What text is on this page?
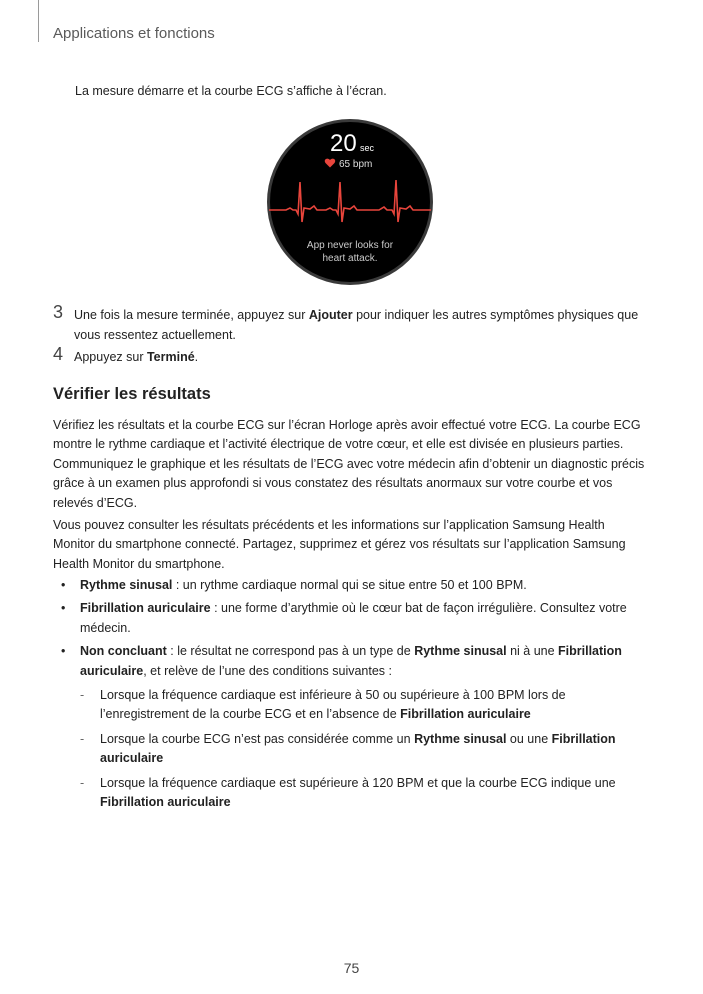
Applications et fonctions
La mesure démarre et la courbe ECG s’affiche à l’écran.
20 sec
65 bpm
App never looks for
heart attack.
3 Une fois la mesure terminée, appuyez sur Ajouter pour indiquer les autres symptômes physiques que vous ressentez actuellement.
4 Appuyez sur Terminé.
Vérifier les résultats
Vérifiez les résultats et la courbe ECG sur l’écran Horloge après avoir effectué votre ECG. La courbe ECG montre le rythme cardiaque et l’activité électrique de votre cœur, et elle est divisée en plusieurs parties. Communiquez le graphique et les résultats de l’ECG avec votre médecin afin d’obtenir un diagnostic précis grâce à un examen plus approfondi si vous constatez des résultats anormaux sur votre courbe et vos relevés d’ECG.
Vous pouvez consulter les résultats précédents et les informations sur l’application Samsung Health Monitor du smartphone connecté. Partagez, supprimez et gérez vos résultats sur l’application Samsung Health Monitor du smartphone.
• Rythme sinusal : un rythme cardiaque normal qui se situe entre 50 et 100 BPM.
• Fibrillation auriculaire : une forme d’arythmie où le cœur bat de façon irrégulière. Consultez votre médecin.
• Non concluant : le résultat ne correspond pas à un type de Rythme sinusal ni à une Fibrillation auriculaire, et relève de l’une des conditions suivantes :
- Lorsque la fréquence cardiaque est inférieure à 50 ou supérieure à 100 BPM lors de l’enregistrement de la courbe ECG et en l’absence de Fibrillation auriculaire
- Lorsque la courbe ECG n’est pas considérée comme un Rythme sinusal ou une Fibrillation auriculaire
- Lorsque la fréquence cardiaque est supérieure à 120 BPM et que la courbe ECG indique une Fibrillation auriculaire
75
